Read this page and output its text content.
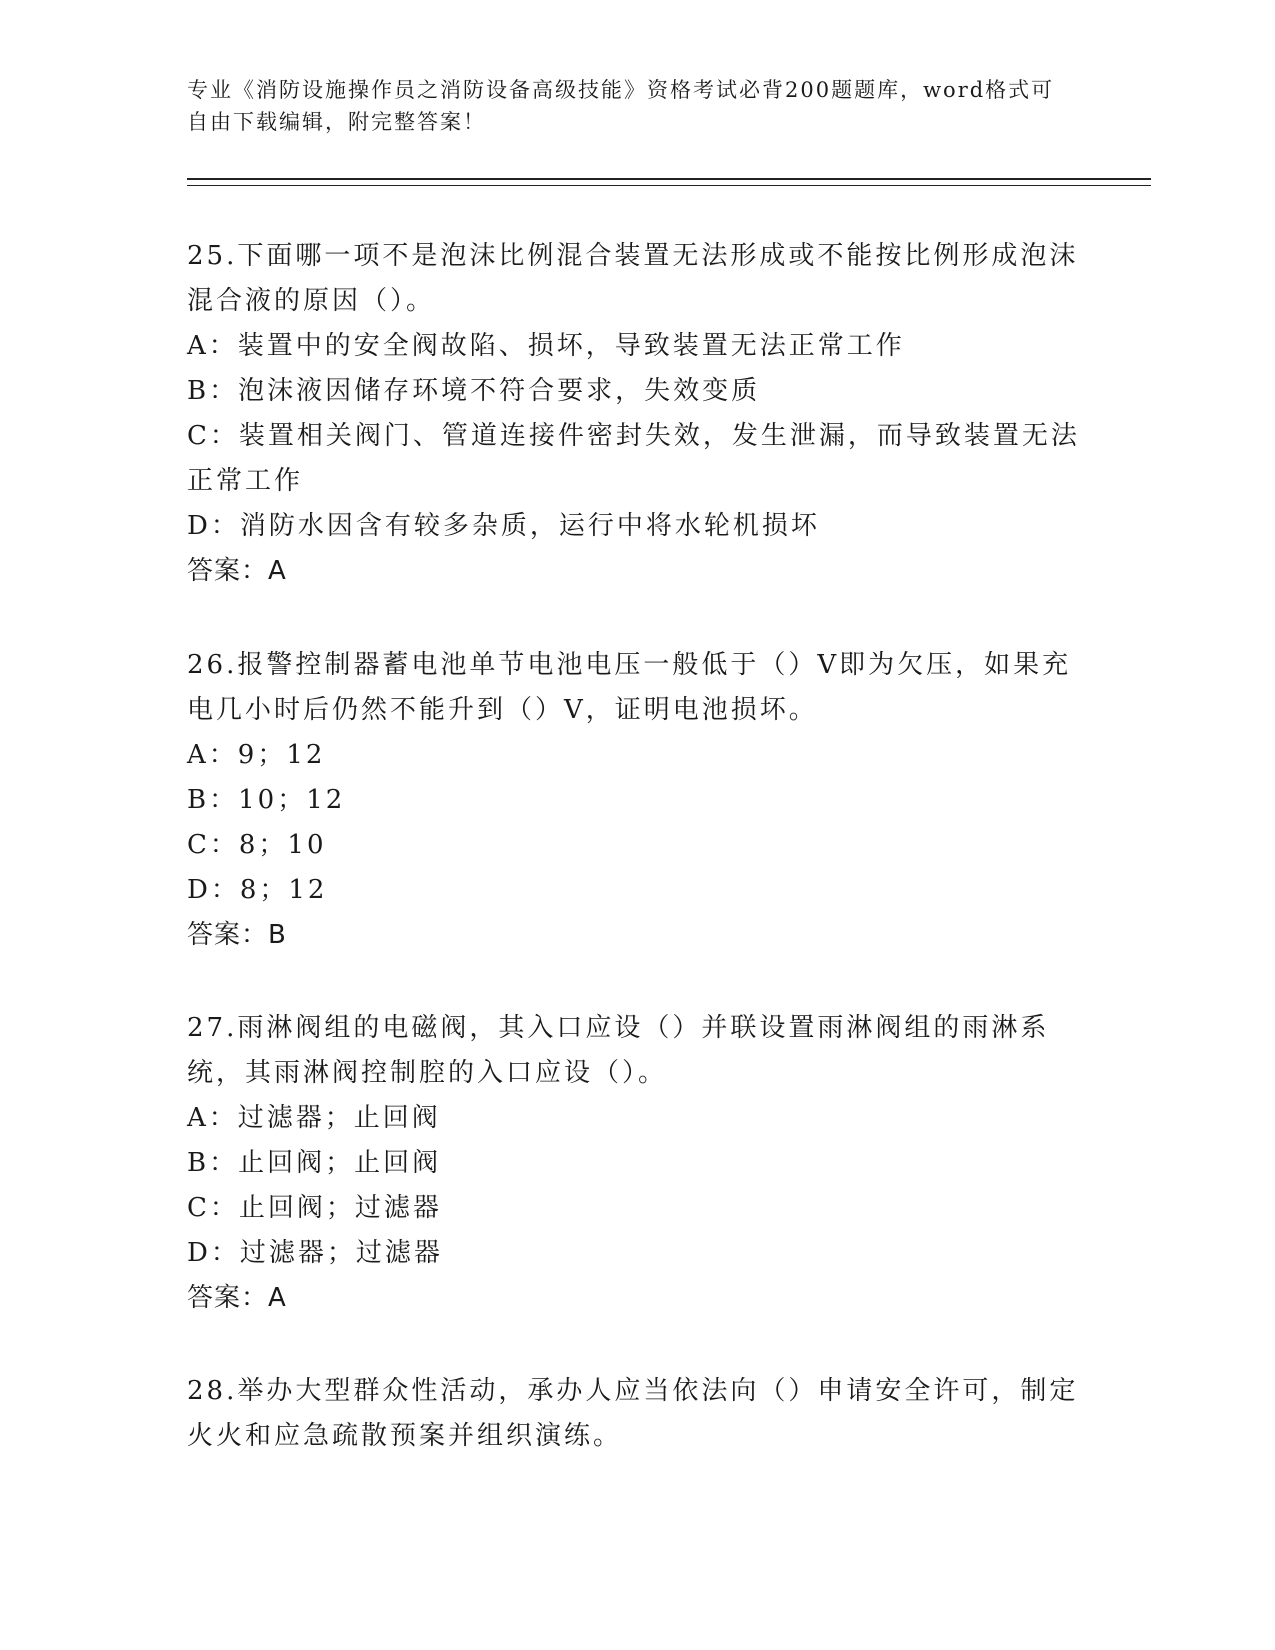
专业《消防设施操作员之消防设备高级技能》资格考试必背200题题库，word格式可自由下载编辑，附完整答案！

25.下面哪一项不是泡沫比例混合装置无法形成或不能按比例形成泡沫混合液的原因（）。

A：装置中的安全阀故陷、损坏，导致装置无法正常工作

B：泡沫液因储存环境不符合要求，失效变质

C：装置相关阀门、管道连接件密封失效，发生泄漏，而导致装置无法正常工作

D：消防水因含有较多杂质，运行中将水轮机损坏

答案：A

26.报警控制器蓄电池单节电池电压一般低于（）V即为欠压，如果充电几小时后仍然不能升到（）V，证明电池损坏。

A：9；12

B：10；12

C：8；10

D：8；12

答案：B

27.雨淋阀组的电磁阀，其入口应设（）并联设置雨淋阀组的雨淋系统，其雨淋阀控制腔的入口应设（）。

A：过滤器；止回阀

B：止回阀；止回阀

C：止回阀；过滤器

D：过滤器；过滤器

答案：A

28.举办大型群众性活动，承办人应当依法向（）申请安全许可，制定火火和应急疏散预案并组织演练。
